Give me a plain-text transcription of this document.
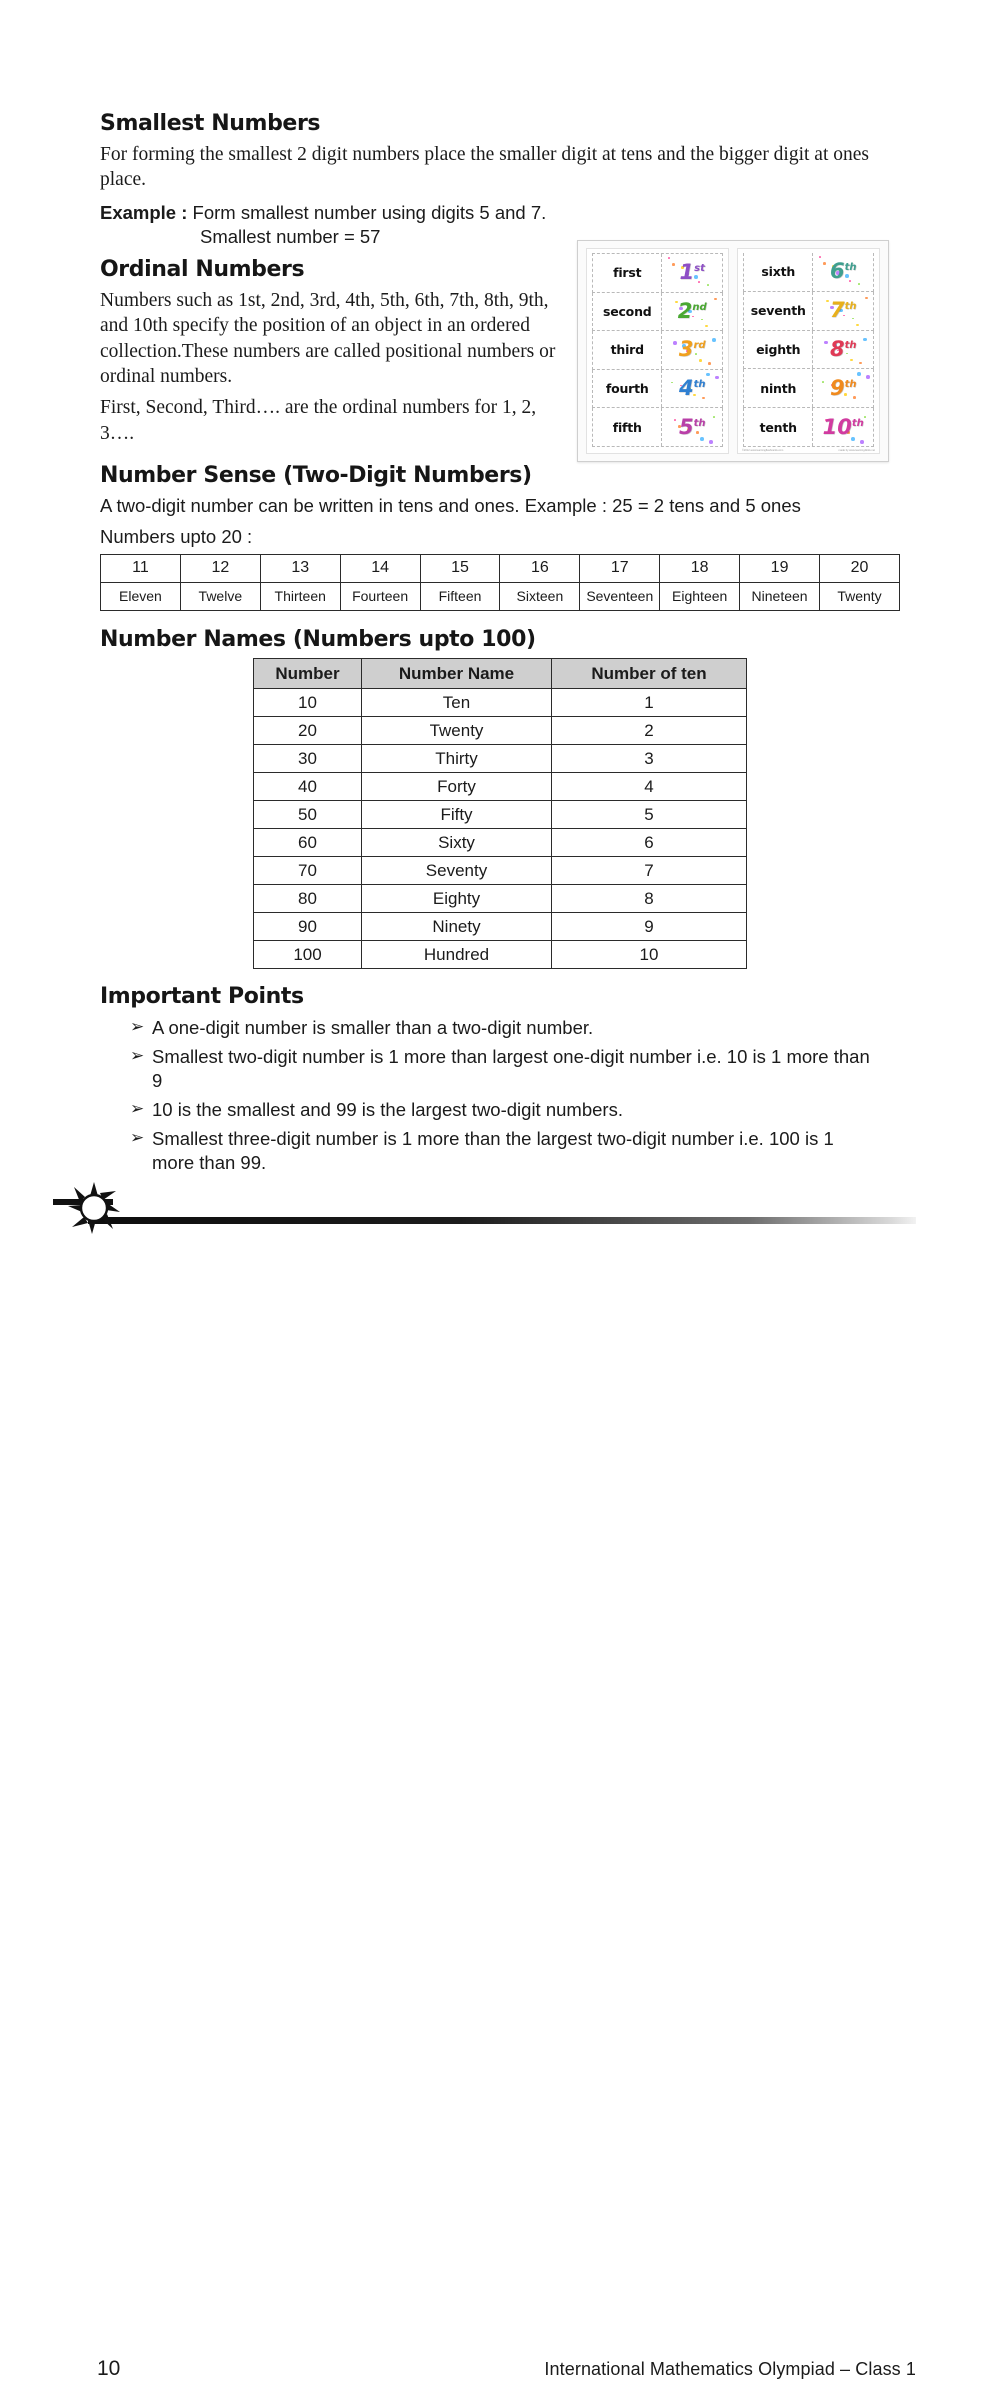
first	1st
second	2nd
third	3rd
fourth	4th
fifth	5th
©2012 www.learningflashcards.com	made by www.learning4kids.net
sixth	6th
seventh	7th
eighth	8th
ninth	9th
tenth	10th
Smallest Numbers

For forming the smallest 2 digit numbers place the smaller digit at tens and the bigger digit at ones place.

Example : Form smallest number using digits 5 and 7.
Smallest number = 57
Ordinal Numbers

Numbers such as 1st, 2nd, 3rd, 4th, 5th, 6th, 7th, 8th, 9th, and 10th specify the position of an object in an ordered collection.These numbers are called positional numbers or ordinal numbers.

First, Second, Third…. are the ordinal numbers for 1, 2, 3….

Number Sense (Two-Digit Numbers)

A two-digit number can be written in tens and ones. Example : 25 = 2 tens and 5 ones

Numbers upto 20 :

11	12	13	14	15	16	17	18	19	20
Eleven	Twelve	Thirteen	Fourteen	Fifteen	Sixteen	Seventeen	Eighteen	Nineteen	Twenty
Number Names (Numbers upto 100)
Number	Number Name	Number of ten
10	Ten	1
20	Twenty	2
30	Thirty	3
40	Forty	4
50	Fifty	5
60	Sixty	6
70	Seventy	7
80	Eighty	8
90	Ninety	9
100	Hundred	10
Important Points
➢ A one-digit number is smaller than a two-digit number.
➢ Smallest two-digit number is 1 more than largest one-digit number i.e. 10 is 1 more than 9
➢ 10 is the smallest and 99 is the largest two-digit numbers.
➢ Smallest three-digit number is 1 more than the largest two-digit number i.e. 100 is 1 more than 99.
10	International Mathematics Olympiad – Class 1
